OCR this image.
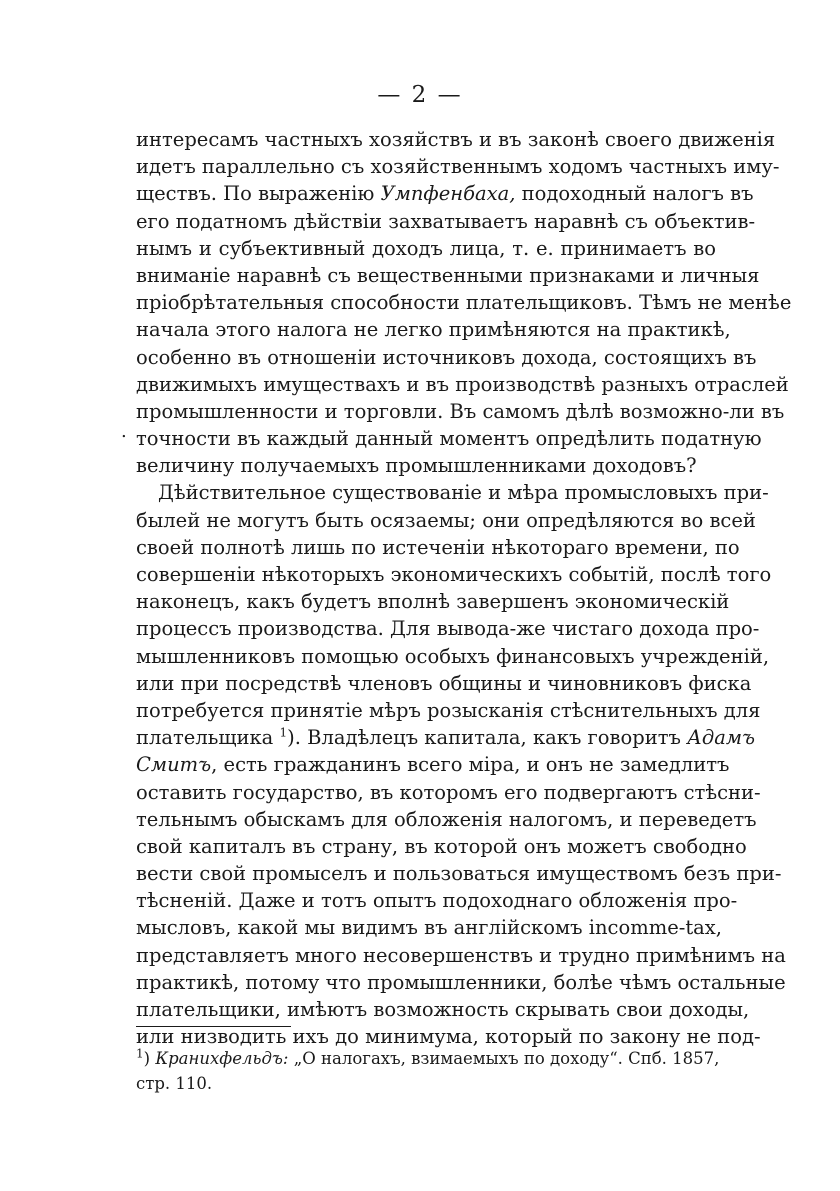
— 2 —
.
интересамъ частныхъ хозяйствъ и въ законѣ своего движенія
идетъ параллельно съ хозяйственнымъ ходомъ частныхъ иму-
ществъ. По выраженію Умпфенбаха, подоходный налогъ въ
его податномъ дѣйствіи захватываетъ наравнѣ съ объектив-
нымъ и субъективный доходъ лица, т. е. принимаетъ во
вниманіе наравнѣ съ вещественными признаками и личныя
пріобрѣтательныя способности плательщиковъ. Тѣмъ не менѣе
начала этого налога не легко примѣняются на практикѣ,
особенно въ отношеніи источниковъ дохода, состоящихъ въ
движимыхъ имуществахъ и въ производствѣ разныхъ отраслей
промышленности и торговли. Въ самомъ дѣлѣ возможно-ли въ
точности въ каждый данный моментъ опредѣлить податную
величину получаемыхъ промышленниками доходовъ?
Дѣйствительное существованіе и мѣра промысловыхъ при-
былей не могутъ быть осязаемы; они опредѣляются во всей
своей полнотѣ лишь по истеченіи нѣкотораго времени, по
совершеніи нѣкоторыхъ экономическихъ событій, послѣ того
наконецъ, какъ будетъ вполнѣ завершенъ экономическій
процессъ производства. Для вывода-же чистаго дохода про-
мышленниковъ помощью особыхъ финансовыхъ учрежденій,
или при посредствѣ членовъ общины и чиновниковъ фиска
потребуется принятіе мѣръ розысканія стѣснительныхъ для
плательщика $^1$). Владѣлецъ капитала, какъ говоритъ Адамъ
Смитъ, есть гражданинъ всего міра, и онъ не замедлитъ
оставить государство, въ которомъ его подвергаютъ стѣсни-
тельнымъ обыскамъ для обложенія налогомъ, и переведетъ
свой капиталъ въ страну, въ которой онъ можетъ свободно
вести свой промыселъ и пользоваться имуществомъ безъ при-
тѣсненій. Даже и тотъ опытъ подоходнаго обложенія про-
мысловъ, какой мы видимъ въ англійскомъ incomme-tax,
представляетъ много несовершенствъ и трудно примѣнимъ на
практикѣ, потому что промышленники, болѣе чѣмъ остальные
плательщики, имѣютъ возможность скрывать свои доходы,
или низводить ихъ до минимума, который по закону не под-
$^1$) Кранихфельдъ: „О налогахъ, взимаемыхъ по доходу“. Спб. 1857,
стр. 110.
